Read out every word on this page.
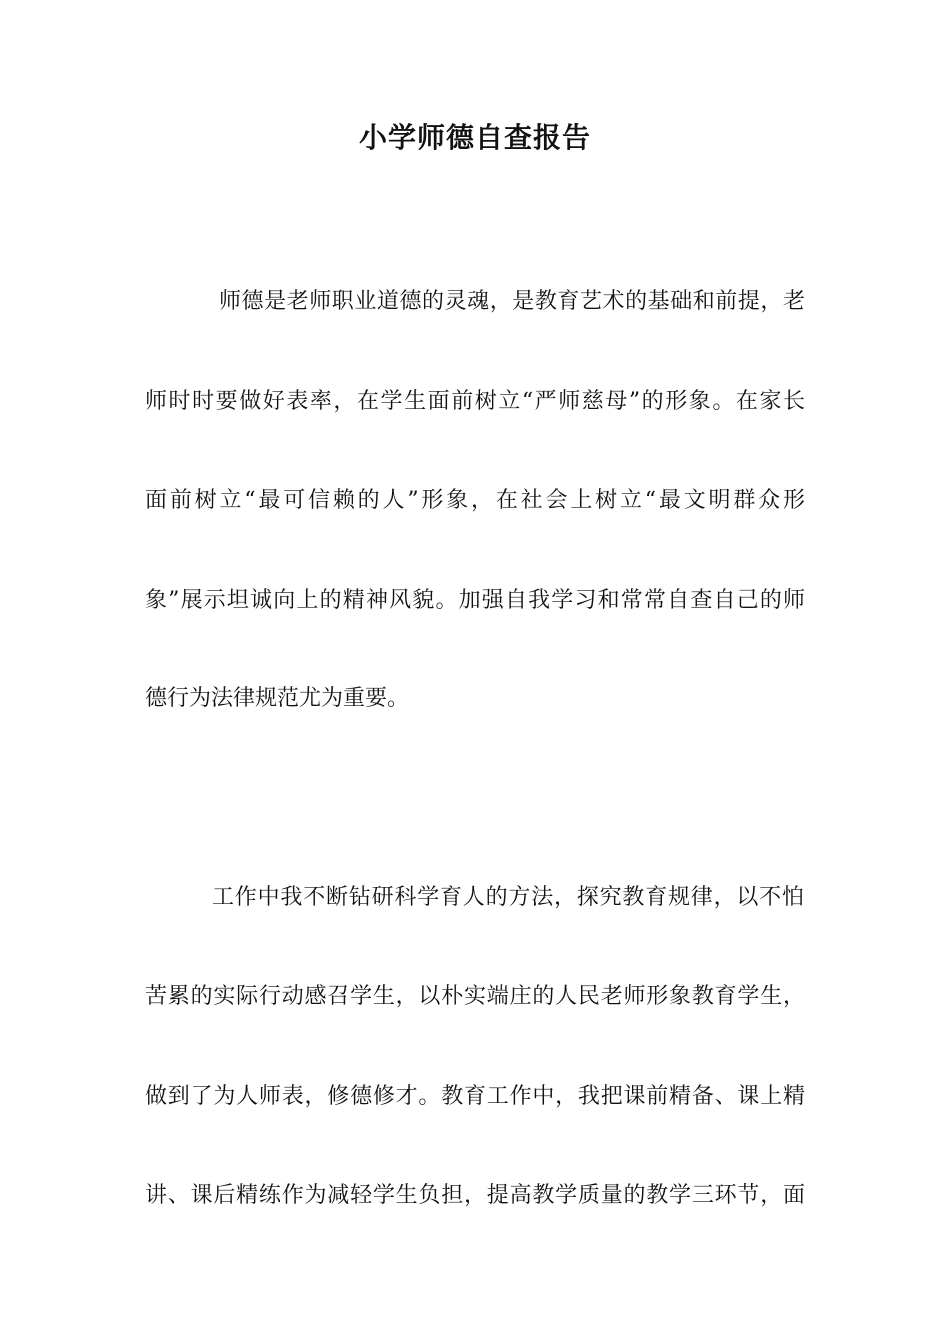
小学师德自查报告
师德是老师职业道德的灵魂，是教育艺术的基础和前提，老
师时时要做好表率，在学生面前树立“严师慈母”的形象。在家长
面前树立“最可信赖的人”形象，在社会上树立“最文明群众形
象”展示坦诚向上的精神风貌。加强自我学习和常常自查自己的师
德行为法律规范尤为重要。
工作中我不断钻研科学育人的方法，探究教育规律，以不怕
苦累的实际行动感召学生，以朴实端庄的人民老师形象教育学生，
做到了为人师表，修德修才。教育工作中，我把课前精备、课上精
讲、课后精练作为减轻学生负担，提高教学质量的教学三环节，面
